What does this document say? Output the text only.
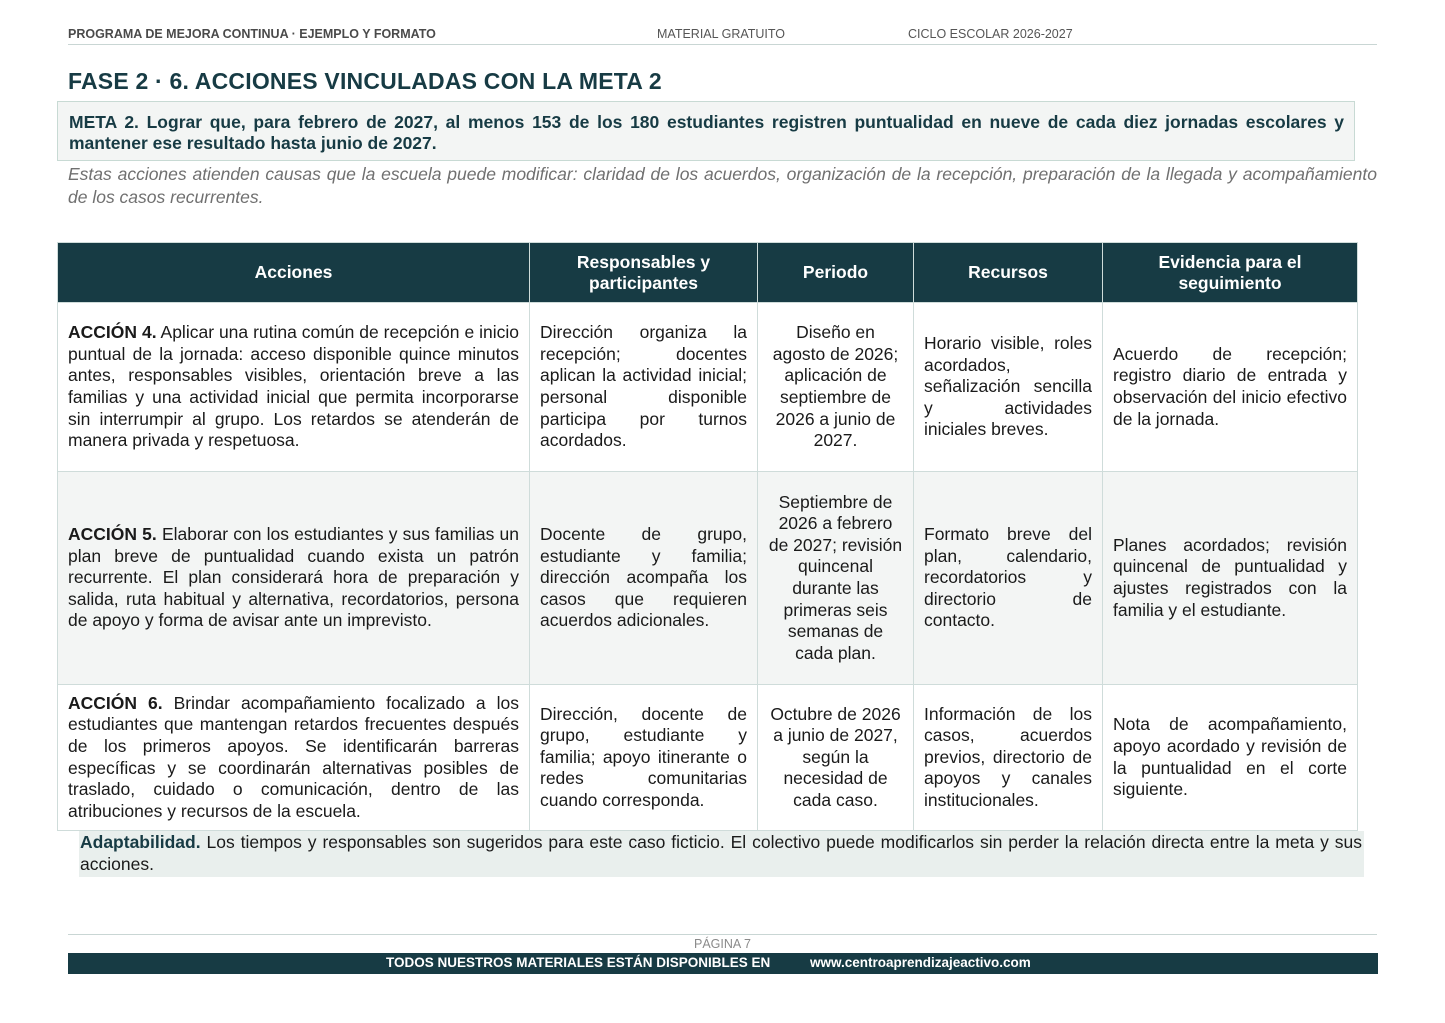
PROGRAMA DE MEJORA CONTINUA · EJEMPLO Y FORMATO	MATERIAL GRATUITO	CICLO ESCOLAR 2026-2027
FASE 2 · 6. ACCIONES VINCULADAS CON LA META 2
META 2. Lograr que, para febrero de 2027, al menos 153 de los 180 estudiantes registren puntualidad en nueve de cada diez jornadas escolares y mantener ese resultado hasta junio de 2027.

Estas acciones atienden causas que la escuela puede modificar: claridad de los acuerdos, organización de la recepción, preparación de la llegada y acompañamiento de los casos recurrentes.

Acciones	Responsables y participantes	Periodo	Recursos	Evidencia para el seguimiento
ACCIÓN 4. Aplicar una rutina común de recepción e inicio puntual de la jornada: acceso disponible quince minutos antes, responsables visibles, orientación breve a las familias y una actividad inicial que permita incorporarse sin interrumpir al grupo. Los retardos se atenderán de manera privada y respetuosa.	Dirección organiza la recepción; docentes aplican la actividad inicial; personal disponible participa por turnos acordados.	Diseño en agosto de 2026; aplicación de septiembre de 2026 a junio de 2027.	Horario visible, roles acordados, señalización sencilla y actividades iniciales breves.	Acuerdo de recepción; registro diario de entrada y observación del inicio efectivo de la jornada.
ACCIÓN 5. Elaborar con los estudiantes y sus familias un plan breve de puntualidad cuando exista un patrón recurrente. El plan considerará hora de preparación y salida, ruta habitual y alternativa, recordatorios, persona de apoyo y forma de avisar ante un imprevisto.	Docente de grupo, estudiante y familia; dirección acompaña los casos que requieren acuerdos adicionales.	Septiembre de 2026 a febrero de 2027; revisión quincenal durante las primeras seis semanas de cada plan.	Formato breve del plan, calendario, recordatorios y directorio de contacto.	Planes acordados; revisión quincenal de puntualidad y ajustes registrados con la familia y el estudiante.
ACCIÓN 6. Brindar acompañamiento focalizado a los estudiantes que mantengan retardos frecuentes después de los primeros apoyos. Se identificarán barreras específicas y se coordinarán alternativas posibles de traslado, cuidado o comunicación, dentro de las atribuciones y recursos de la escuela.	Dirección, docente de grupo, estudiante y familia; apoyo itinerante o redes comunitarias cuando corresponda.	Octubre de 2026 a junio de 2027, según la necesidad de cada caso.	Información de los casos, acuerdos previos, directorio de apoyos y canales institucionales.	Nota de acompañamiento, apoyo acordado y revisión de la puntualidad en el corte siguiente.
Adaptabilidad. Los tiempos y responsables son sugeridos para este caso ficticio. El colectivo puede modificarlos sin perder la relación directa entre la meta y sus acciones.
PÁGINA 7
TODOS NUESTROS MATERIALES ESTÁN DISPONIBLES EN	www.centroaprendizajeactivo.com
